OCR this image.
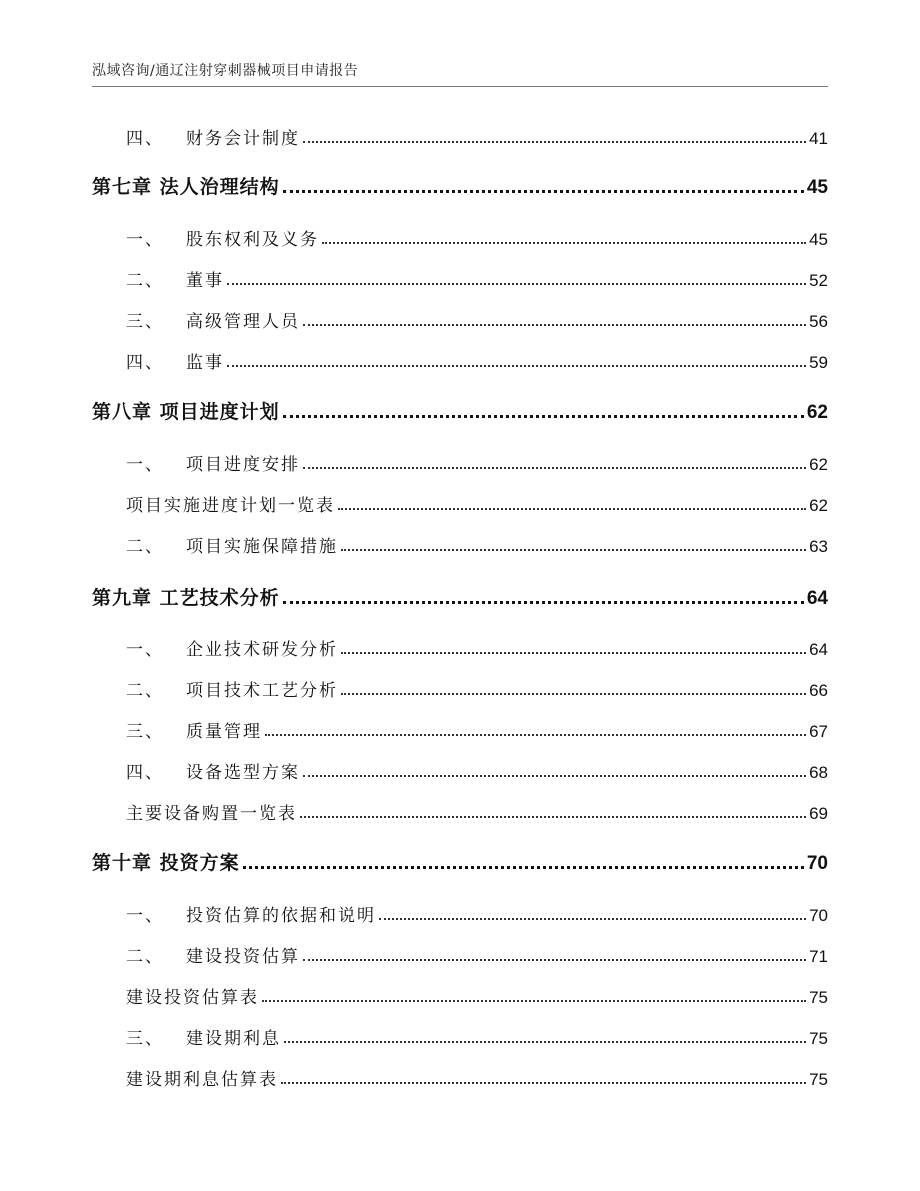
泓域咨询/通辽注射穿刺器械项目申请报告
四、 财务会计制度	41
第七章 法人治理结构	45
一、 股东权利及义务	45
二、 董事	52
三、 高级管理人员	56
四、 监事	59
第八章 项目进度计划	62
一、 项目进度安排	62
项目实施进度计划一览表	62
二、 项目实施保障措施	63
第九章 工艺技术分析	64
一、 企业技术研发分析	64
二、 项目技术工艺分析	66
三、 质量管理	67
四、 设备选型方案	68
主要设备购置一览表	69
第十章 投资方案	70
一、 投资估算的依据和说明	70
二、 建设投资估算	71
建设投资估算表	75
三、 建设期利息	75
建设期利息估算表	75
